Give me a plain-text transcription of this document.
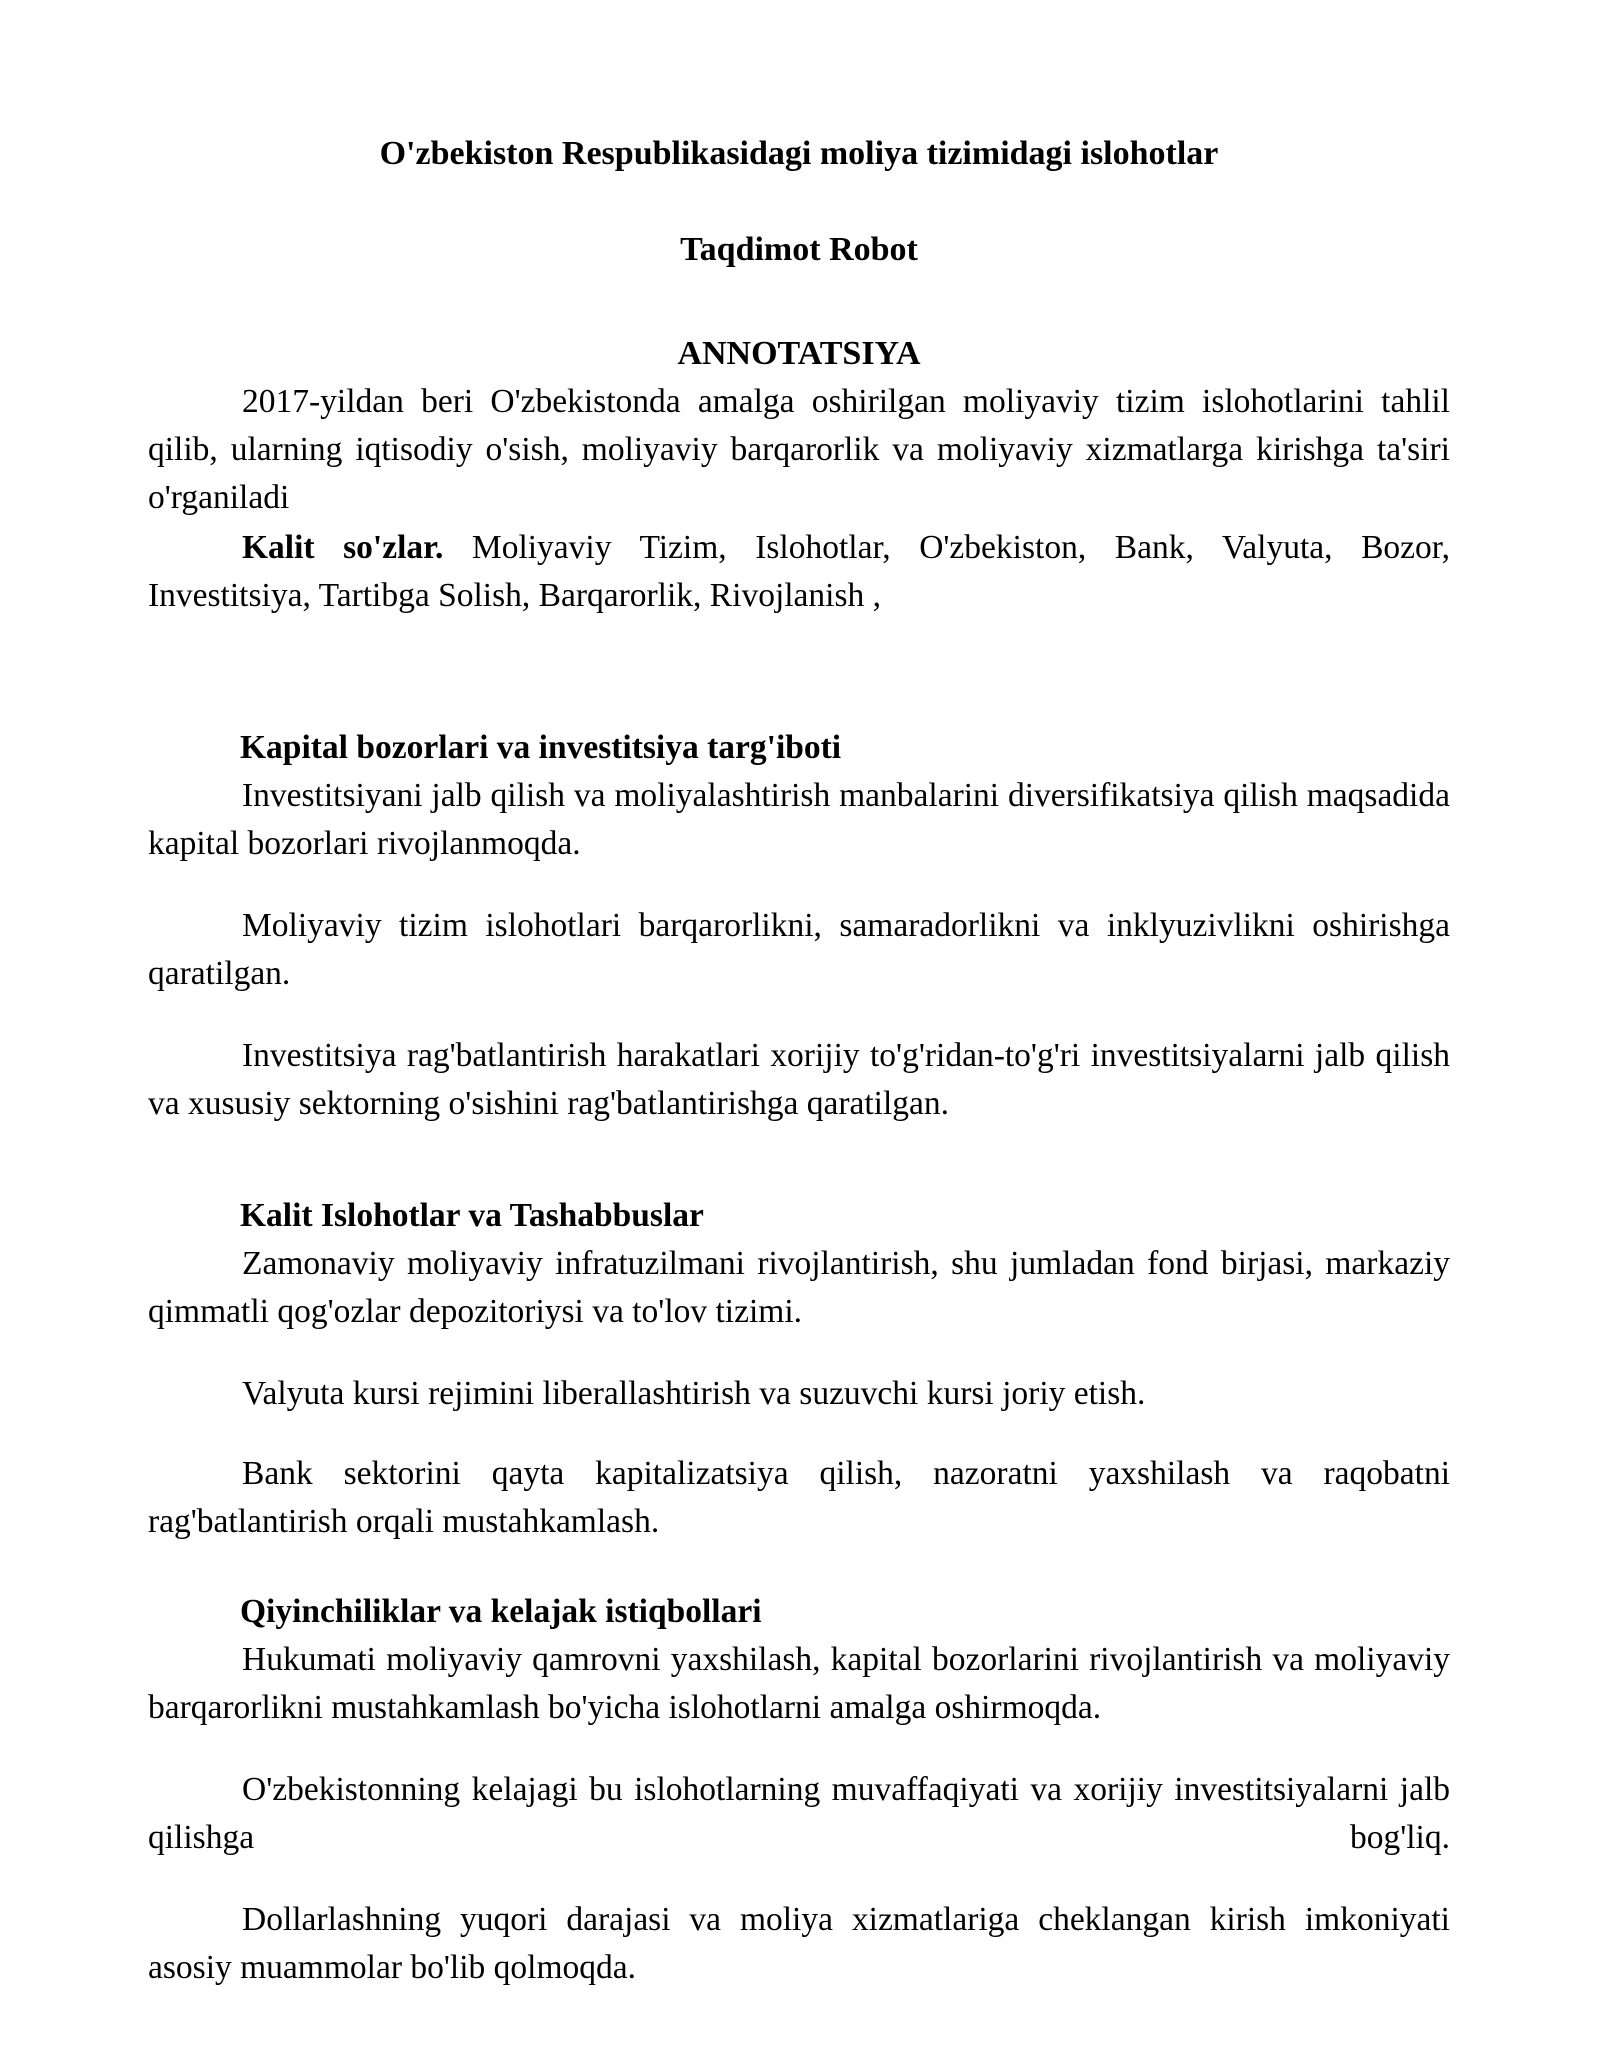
O'zbekiston Respublikasidagi moliya tizimidagi islohotlar
Taqdimot Robot
ANNOTATSIYA

2017-yildan beri O'zbekistonda amalga oshirilgan moliyaviy tizim islohotlarini tahlil qilib, ularning iqtisodiy o'sish, moliyaviy barqarorlik va moliyaviy xizmatlarga kirishga ta'siri o'rganiladi

Kalit so'zlar. Moliyaviy Tizim, Islohotlar, O'zbekiston, Bank, Valyuta, Bozor, Investitsiya, Tartibga Solish, Barqarorlik, Rivojlanish ,

Kapital bozorlari va investitsiya targ'iboti

Investitsiyani jalb qilish va moliyalashtirish manbalarini diversifikatsiya qilish maqsadida kapital bozorlari rivojlanmoqda.

Moliyaviy tizim islohotlari barqarorlikni, samaradorlikni va inklyuzivlikni oshirishga qaratilgan.

Investitsiya rag'batlantirish harakatlari xorijiy to'g'ridan-to'g'ri investitsiyalarni jalb qilish va xususiy sektorning o'sishini rag'batlantirishga qaratilgan.

Kalit Islohotlar va Tashabbuslar

Zamonaviy moliyaviy infratuzilmani rivojlantirish, shu jumladan fond birjasi, markaziy qimmatli qog'ozlar depozitoriysi va to'lov tizimi.

Valyuta kursi rejimini liberallashtirish va suzuvchi kursi joriy etish.

Bank sektorini qayta kapitalizatsiya qilish, nazoratni yaxshilash va raqobatni rag'batlantirish orqali mustahkamlash.

Qiyinchiliklar va kelajak istiqbollari

Hukumati moliyaviy qamrovni yaxshilash, kapital bozorlarini rivojlantirish va moliyaviy barqarorlikni mustahkamlash bo'yicha islohotlarni amalga oshirmoqda.

O'zbekistonning kelajagi bu islohotlarning muvaffaqiyati va xorijiy investitsiyalarni jalb qilishga bog'liq.

Dollarlashning yuqori darajasi va moliya xizmatlariga cheklangan kirish imkoniyati asosiy muammolar bo'lib qolmoqda.
